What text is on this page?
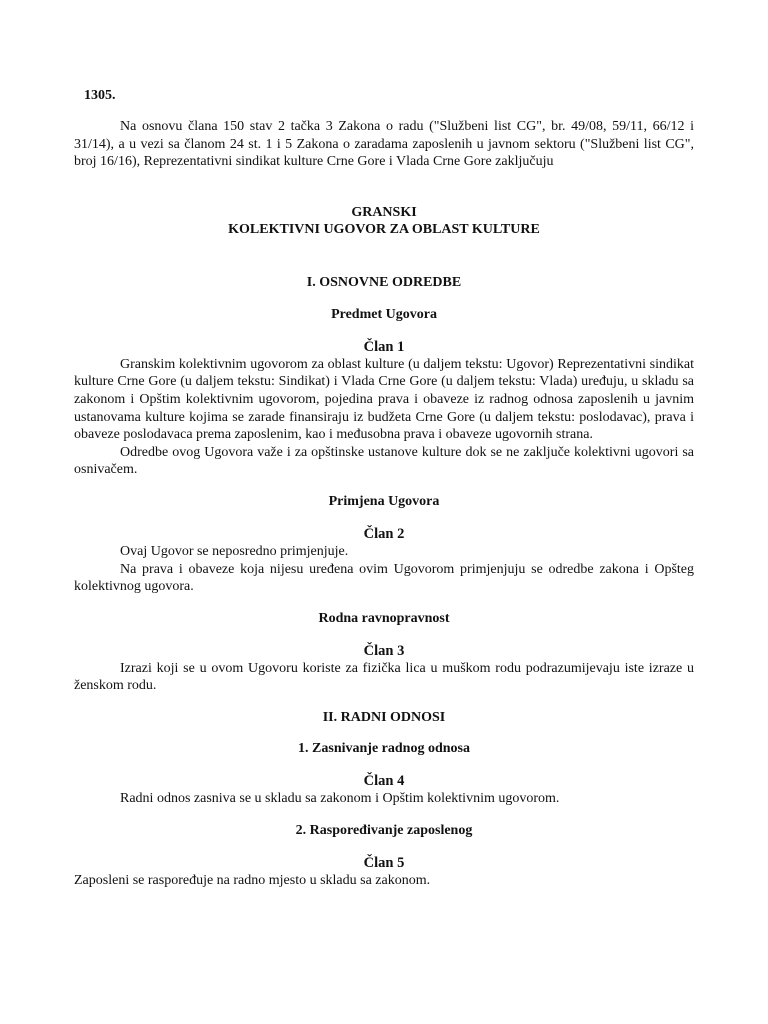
1305.

Na osnovu člana 150 stav 2 tačka 3 Zakona o radu ("Službeni list CG", br. 49/08, 59/11, 66/12 i 31/14), a u vezi sa članom 24 st. 1 i 5 Zakona o zaradama zaposlenih u javnom sektoru ("Službeni list CG", broj 16/16), Reprezentativni sindikat kulture Crne Gore i Vlada Crne Gore zaključuju

GRANSKI
KOLEKTIVNI UGOVOR ZA OBLAST KULTURE
I. OSNOVNE ODREDBE
Predmet Ugovora
Član 1

Granskim kolektivnim ugovorom za oblast kulture (u daljem tekstu: Ugovor) Reprezentativni sindikat kulture Crne Gore (u daljem tekstu: Sindikat) i Vlada Crne Gore (u daljem tekstu: Vlada) uređuju, u skladu sa zakonom i Opštim kolektivnim ugovorom, pojedina prava i obaveze iz radnog odnosa zaposlenih u javnim ustanovama kulture kojima se zarade finansiraju iz budžeta Crne Gore (u daljem tekstu: poslodavac), prava i obaveze poslodavaca prema zaposlenim, kao i međusobna prava i obaveze ugovornih strana.

Odredbe ovog Ugovora važe i za opštinske ustanove kulture dok se ne zaključe kolektivni ugovori sa osnivačem.

Primjena Ugovora
Član 2

Ovaj Ugovor se neposredno primjenjuje.

Na prava i obaveze koja nijesu uređena ovim Ugovorom primjenjuju se odredbe zakona i Opšteg kolektivnog ugovora.

Rodna ravnopravnost
Član 3

Izrazi koji se u ovom Ugovoru koriste za fizička lica u muškom rodu podrazumijevaju iste izraze u ženskom rodu.

II. RADNI ODNOSI
1. Zasnivanje radnog odnosa
Član 4

Radni odnos zasniva se u skladu sa zakonom i Opštim kolektivnim ugovorom.

2. Raspoređivanje zaposlenog
Član 5

Zaposleni se raspoređuje na radno mjesto u skladu sa zakonom.
